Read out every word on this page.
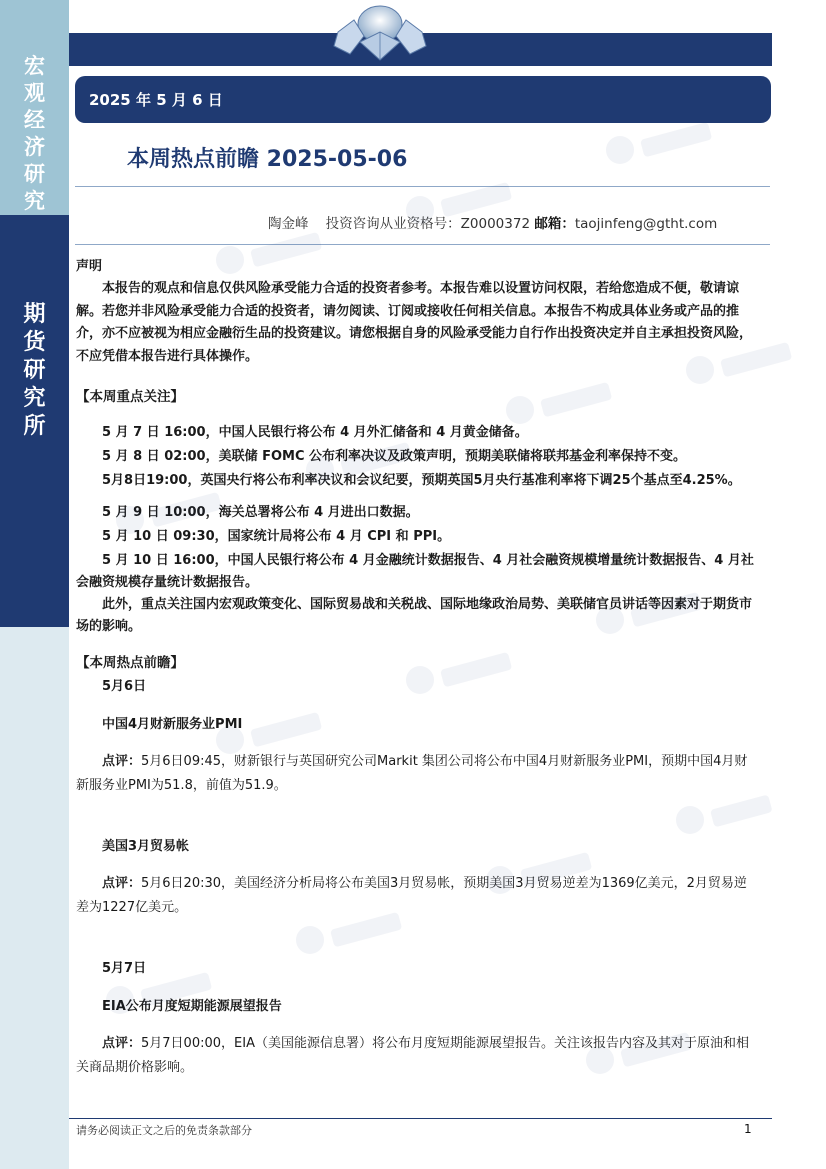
宏
观
经
济
研
究
期
货
研
究
所
2025 年 5 月 6 日
本周热点前瞻 2025-05-06
陶金峰 投资咨询从业资格号：Z0000372 邮箱：taojinfeng@gtht.com

声明

本报告的观点和信息仅供风险承受能力合适的投资者参考。本报告难以设置访问权限，若给您造成不便，敬请谅解。若您并非风险承受能力合适的投资者，请勿阅读、订阅或接收任何相关信息。本报告不构成具体业务或产品的推介，亦不应被视为相应金融衍生品的投资建议。请您根据自身的风险承受能力自行作出投资决定并自主承担投资风险，不应凭借本报告进行具体操作。

【本周重点关注】

5 月 7 日 16:00，中国人民银行将公布 4 月外汇储备和 4 月黄金储备。

5 月 8 日 02:00，美联储 FOMC 公布利率决议及政策声明，预期美联储将联邦基金利率保持不变。

5月8日19:00，英国央行将公布利率决议和会议纪要，预期英国5月央行基准利率将下调25个基点至4.25%。

5 月 9 日 10:00，海关总署将公布 4 月进出口数据。

5 月 10 日 09:30，国家统计局将公布 4 月 CPI 和 PPI。

5 月 10 日 16:00，中国人民银行将公布 4 月金融统计数据报告、4 月社会融资规模增量统计数据报告、4 月社会融资规模存量统计数据报告。

此外，重点关注国内宏观政策变化、国际贸易战和关税战、国际地缘政治局势、美联储官员讲话等因素对于期货市场的影响。

【本周热点前瞻】

5月6日

中国4月财新服务业PMI

点评：5月6日09:45，财新银行与英国研究公司Markit 集团公司将公布中国4月财新服务业PMI，预期中国4月财新服务业PMI为51.8，前值为51.9。

美国3月贸易帐

点评：5月6日20:30，美国经济分析局将公布美国3月贸易帐，预期美国3月贸易逆差为1369亿美元，2月贸易逆差为1227亿美元。

5月7日

EIA公布月度短期能源展望报告

点评：5月7日00:00，EIA（美国能源信息署）将公布月度短期能源展望报告。关注该报告内容及其对于原油和相关商品期价格影响。

请务必阅读正文之后的免责条款部分	1
